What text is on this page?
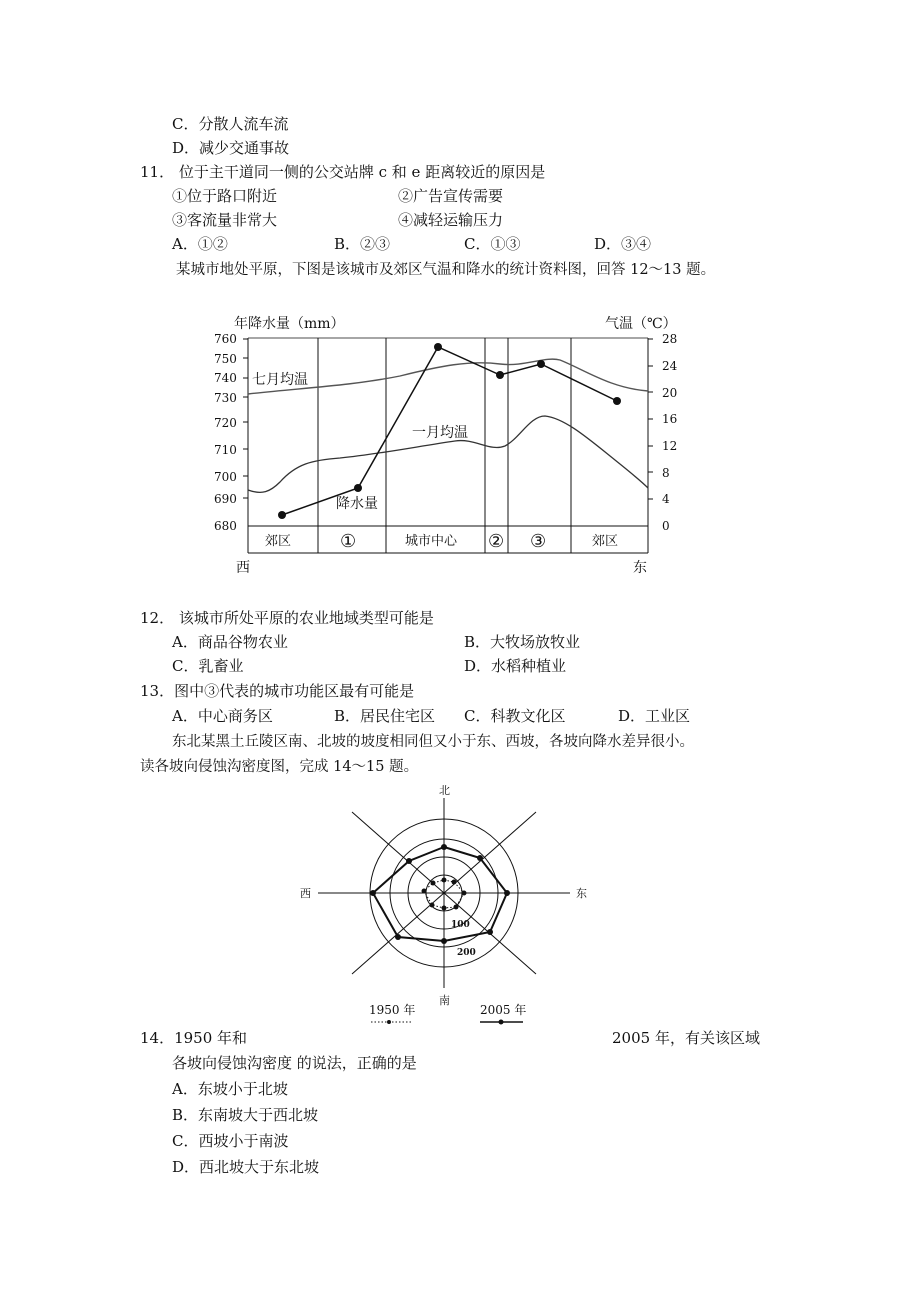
C．分散人流车流
D．减少交通事故
11． 位于主干道同一侧的公交站牌 c 和 e 距离较近的原因是
①位于路口附近	②广告宣传需要
③客流量非常大	④减轻运输压力
A．①②	B．②③	C．①③	D．③④
某城市地处平原，下图是该城市及郊区气温和降水的统计资料图，回答 12～13 题。
年降水量（mm）	气温（℃）
760
750
740
730
720
710
700
690
680
28
24
20
16
12
8
4
0
七月均温
一月均温
降水量
郊区	①	城市中心 ② ③	郊区
西	东
12． 该城市所处平原的农业地域类型可能是
A．商品谷物农业	B．大牧场放牧业
C．乳畜业	D．水稻种植业
13．图中③代表的城市功能区最有可能是
A．中心商务区	B．居民住宅区 C．科教文化区	D．工业区
东北某黑土丘陵区南、北坡的坡度相同但又小于东、西坡，各坡向降水差异很小。
读各坡向侵蚀沟密度图，完成 14～15 题。
100
200
北
南
西	东
1950 年	2005 年
14．1950 年和	2005 年，有关该区域
各坡向侵蚀沟密度 的说法，正确的是
A．东坡小于北坡
B．东南坡大于西北坡
C．西坡小于南波
D．西北坡大于东北坡
